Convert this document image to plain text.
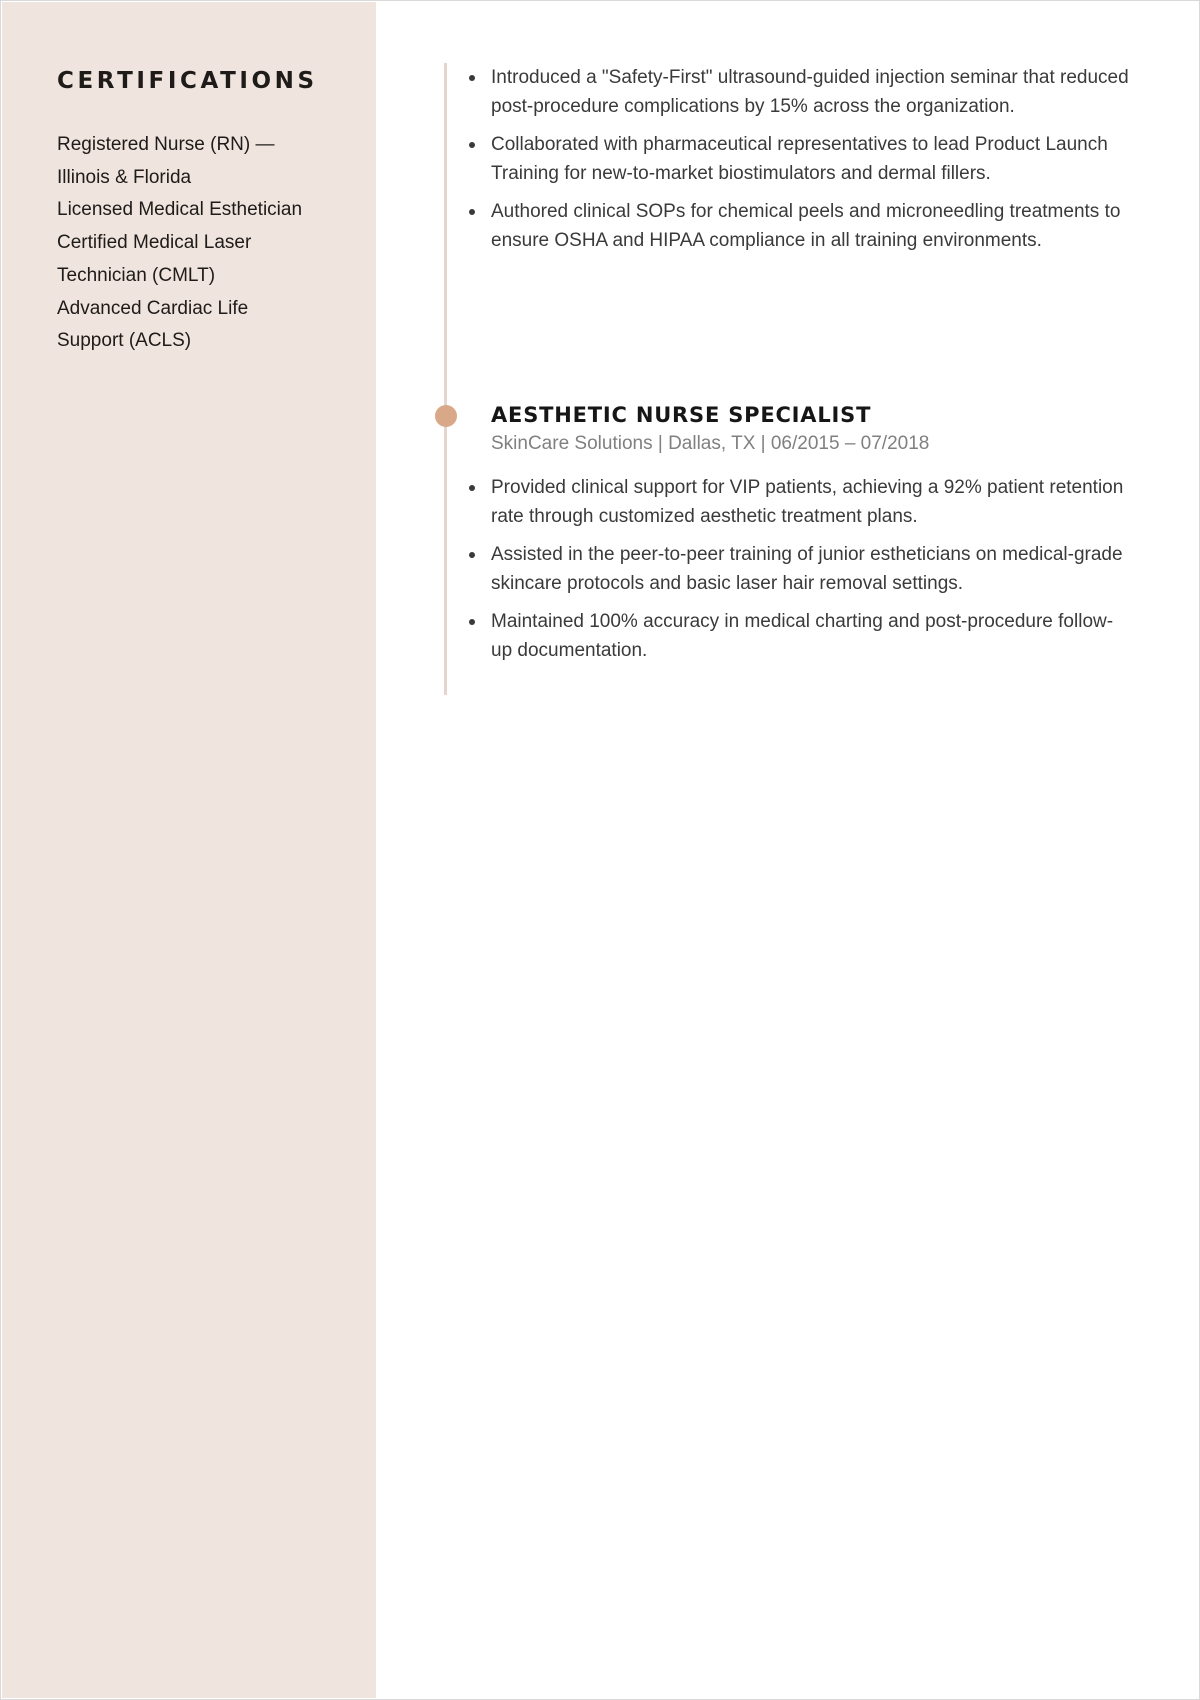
CERTIFICATIONS
Registered Nurse (RN) —
Illinois & Florida
Licensed Medical Esthetician
Certified Medical Laser
Technician (CMLT)
Advanced Cardiac Life
Support (ACLS)
Introduced a "Safety-First" ultrasound-guided injection seminar that reduced post-procedure complications by 15% across the organization.
Collaborated with pharmaceutical representatives to lead Product Launch Training for new-to-market biostimulators and dermal fillers.
Authored clinical SOPs for chemical peels and microneedling treatments to ensure OSHA and HIPAA compliance in all training environments.
AESTHETIC NURSE SPECIALIST

SkinCare Solutions | Dallas, TX | 06/2015 – 07/2018

Provided clinical support for VIP patients, achieving a 92% patient retention rate through customized aesthetic treatment plans.
Assisted in the peer-to-peer training of junior estheticians on medical-grade skincare protocols and basic laser hair removal settings.
Maintained 100% accuracy in medical charting and post-procedure follow-up documentation.
